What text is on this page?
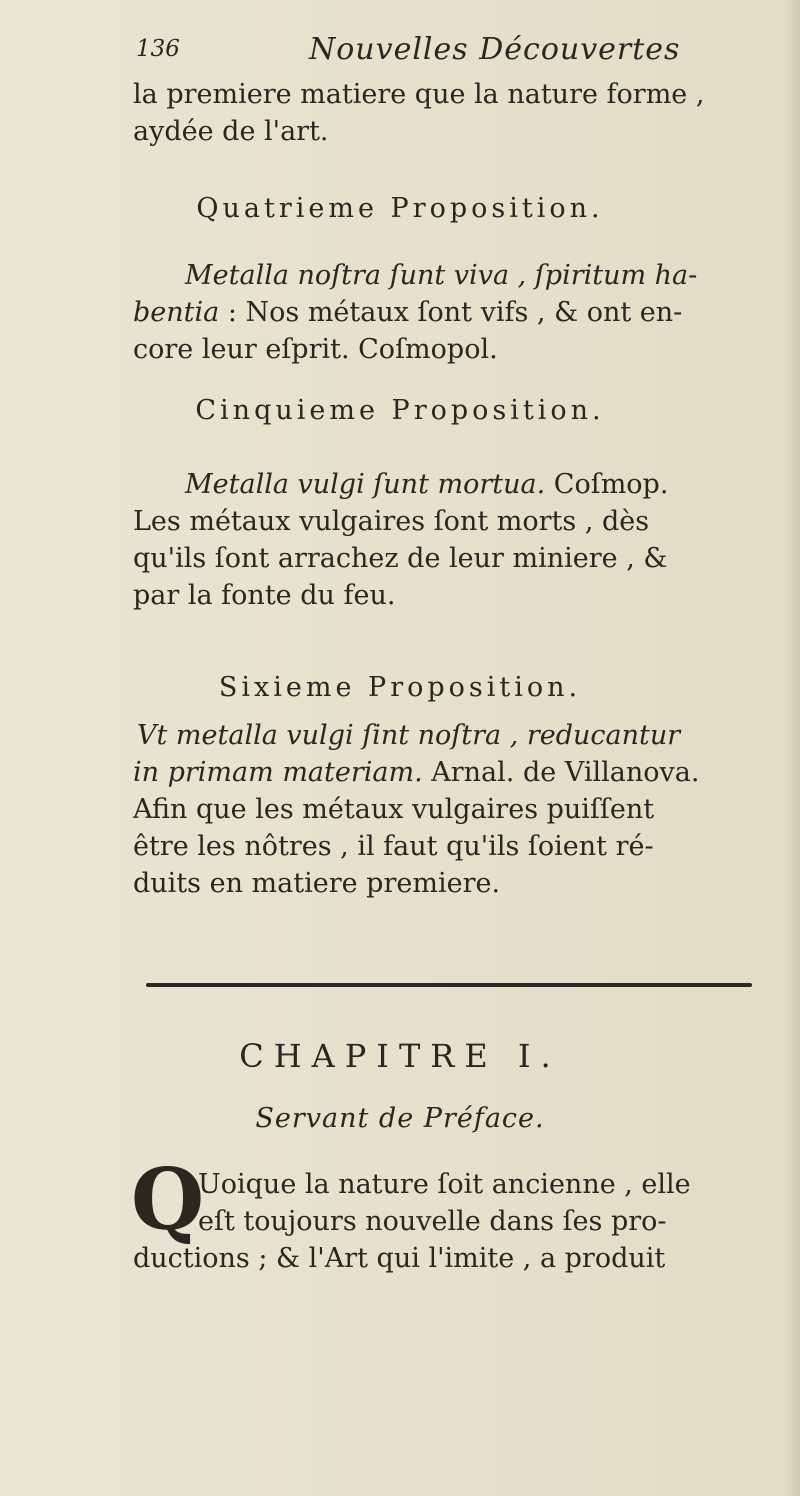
136	Nouvelles Découvertes
la premiere matiere que la nature forme ,
aydée de l'art.
Quatrieme Proposition.
Metalla noſtra ſunt viva , ſpiritum ha-
bentia : Nos métaux ſont vifs , & ont en-
core leur eſprit. Coſmopol.
Cinquieme Proposition.
Metalla vulgi ſunt mortua. Coſmop.
Les métaux vulgaires ſont morts , dès
qu'ils ſont arrachez de leur miniere , &
par la fonte du feu.
Sixieme Proposition.
Vt metalla vulgi ſint noſtra , reducantur
in primam materiam. Arnal. de Villanova.
Afin que les métaux vulgaires puiſſent
être les nôtres , il faut qu'ils ſoient ré-
duits en matiere premiere.
CHAPITRE I.
Servant de Préface.
Q
Uoique la nature ſoit ancienne , elle
eſt toujours nouvelle dans ſes pro-
ductions ; & l'Art qui l'imite , a produit
